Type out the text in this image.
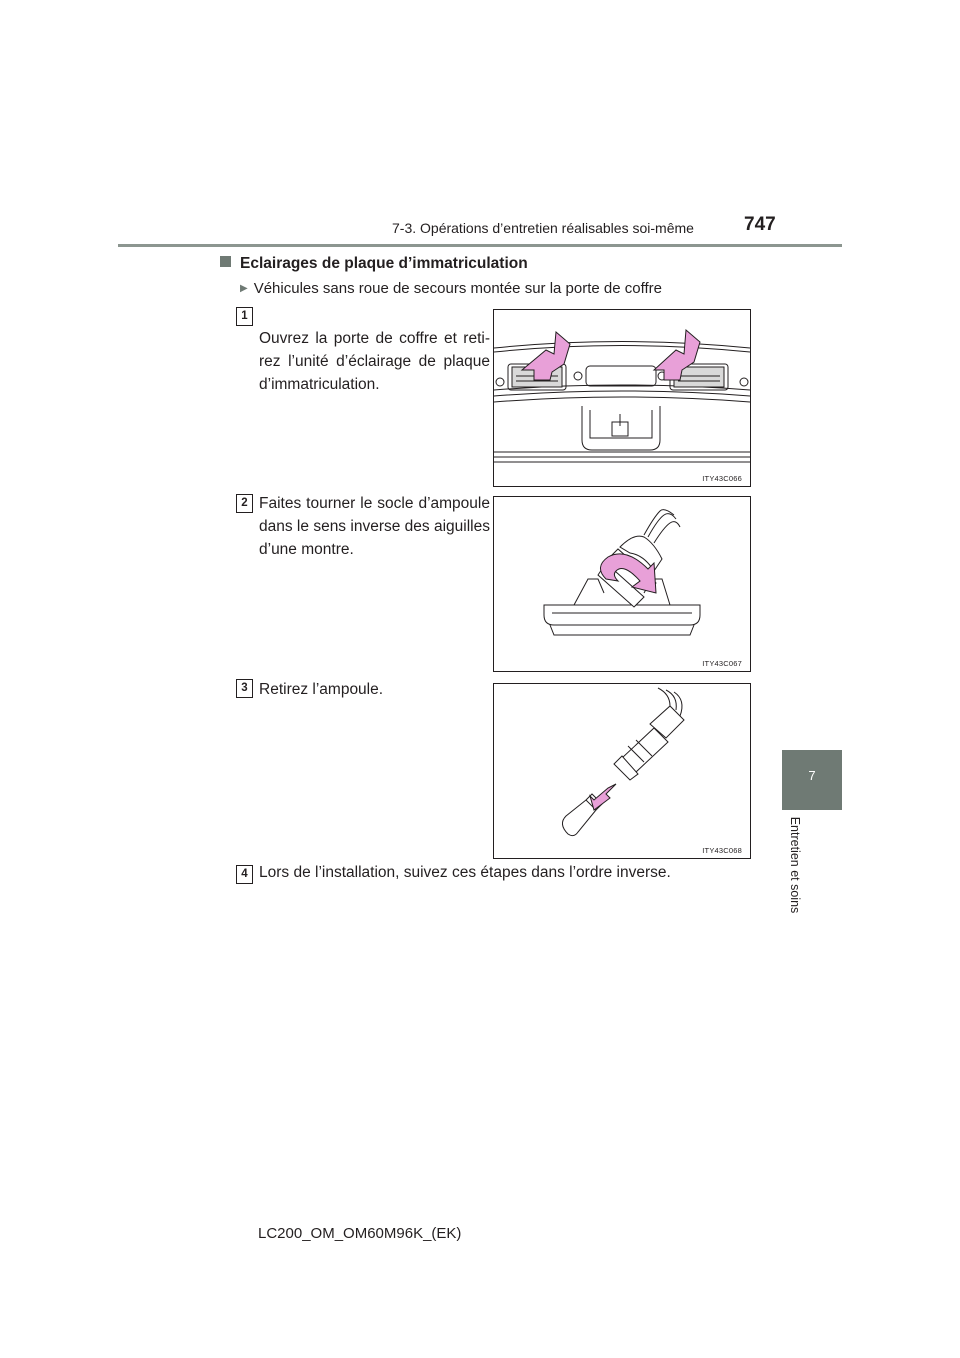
7-3. Opérations d’entretien réalisables soi-même	747
7
Entretien et soins
Eclairages de plaque d’immatriculation
▶ Véhicules sans roue de secours montée sur la porte de coffre
1
Ouvrez la porte de coffre et reti-rez l’unité d’éclairage de plaque d’immatriculation.
ITY43C066
2 Faites tourner le socle d’ampoule dans le sens inverse des aiguilles d’une montre.
ITY43C067
3 Retirez l’ampoule.
ITY43C068
4 Lors de l’installation, suivez ces étapes dans l’ordre inverse.
LC200_OM_OM60M96K_(EK)
